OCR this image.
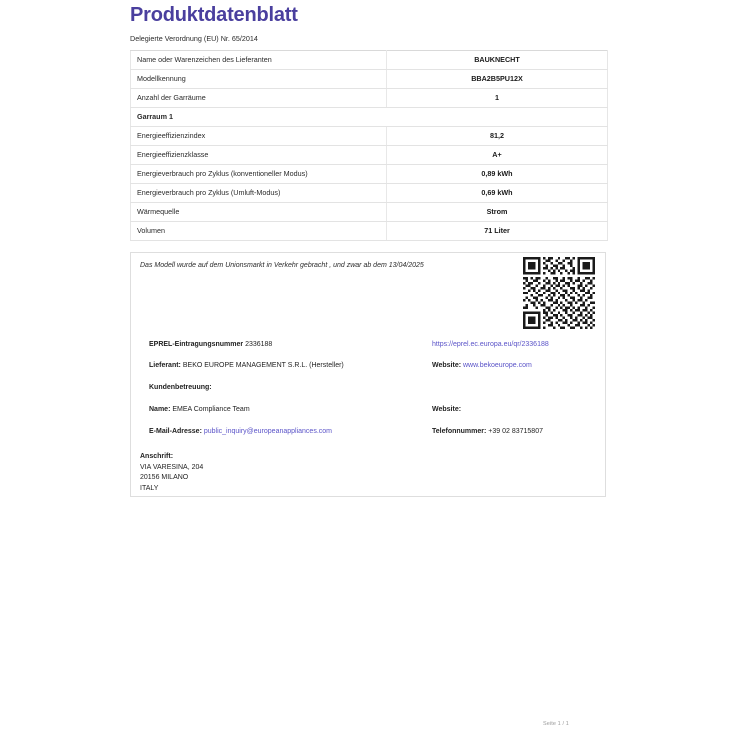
Produktdatenblatt

Delegierte Verordnung (EU) Nr. 65/2014

Name oder Warenzeichen des Lieferanten	BAUKNECHT
Modellkennung	BBA2B5PU12X
Anzahl der Garräume	1
Garraum 1	
Energieeffizienzindex	81,2
Energieeffizienzklasse	A+
Energieverbrauch pro Zyklus (konventioneller Modus)	0,89 kWh
Energieverbrauch pro Zyklus (Umluft-Modus)	0,69 kWh
Wärmequelle	Strom
Volumen	71 Liter
Das Modell wurde auf dem Unionsmarkt in Verkehr gebracht , und zwar ab dem 13/04/2025
EPREL-Eintragungsnummer 2336188	https://eprel.ec.europa.eu/qr/2336188
Lieferant: BEKO EUROPE MANAGEMENT S.R.L. (Hersteller)	Website: www.bekoeurope.com
Kundenbetreuung:
Name: EMEA Compliance Team	Website:
E-Mail-Adresse: public_inquiry@europeanappliances.com	Telefonnummer: +39 02 83715807
Anschrift:
VIA VARESINA, 204
20156 MILANO
ITALY
Seite 1 / 1
